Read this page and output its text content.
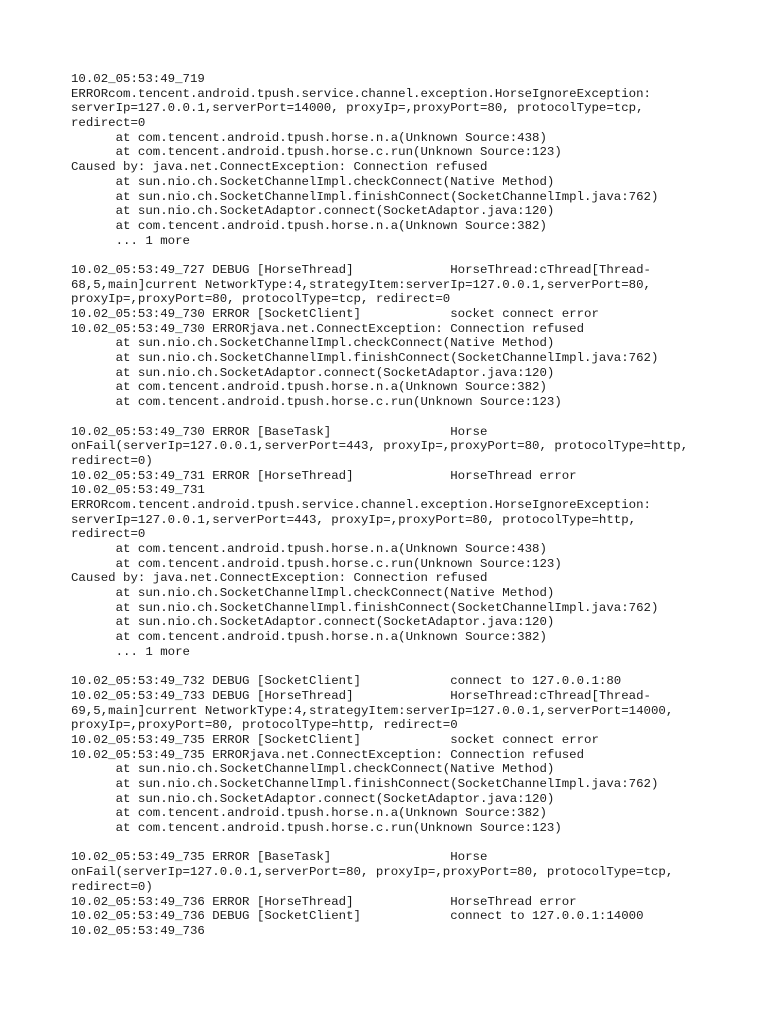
10.02_05:53:49_719
ERRORcom.tencent.android.tpush.service.channel.exception.HorseIgnoreException:
serverIp=127.0.0.1,serverPort=14000, proxyIp=,proxyPort=80, protocolType=tcp,
redirect=0
at com.tencent.android.tpush.horse.n.a(Unknown Source:438)
at com.tencent.android.tpush.horse.c.run(Unknown Source:123)
Caused by: java.net.ConnectException: Connection refused
at sun.nio.ch.SocketChannelImpl.checkConnect(Native Method)
at sun.nio.ch.SocketChannelImpl.finishConnect(SocketChannelImpl.java:762)
at sun.nio.ch.SocketAdaptor.connect(SocketAdaptor.java:120)
at com.tencent.android.tpush.horse.n.a(Unknown Source:382)
... 1 more
10.02_05:53:49_727 DEBUG [HorseThread]             HorseThread:cThread[Thread-
68,5,main]current NetworkType:4,strategyItem:serverIp=127.0.0.1,serverPort=80,
proxyIp=,proxyPort=80, protocolType=tcp, redirect=0
10.02_05:53:49_730 ERROR [SocketClient]            socket connect error
10.02_05:53:49_730 ERRORjava.net.ConnectException: Connection refused
at sun.nio.ch.SocketChannelImpl.checkConnect(Native Method)
at sun.nio.ch.SocketChannelImpl.finishConnect(SocketChannelImpl.java:762)
at sun.nio.ch.SocketAdaptor.connect(SocketAdaptor.java:120)
at com.tencent.android.tpush.horse.n.a(Unknown Source:382)
at com.tencent.android.tpush.horse.c.run(Unknown Source:123)
10.02_05:53:49_730 ERROR [BaseTask]                Horse
onFail(serverIp=127.0.0.1,serverPort=443, proxyIp=,proxyPort=80, protocolType=http,
redirect=0)
10.02_05:53:49_731 ERROR [HorseThread]             HorseThread error
10.02_05:53:49_731
ERRORcom.tencent.android.tpush.service.channel.exception.HorseIgnoreException:
serverIp=127.0.0.1,serverPort=443, proxyIp=,proxyPort=80, protocolType=http,
redirect=0
at com.tencent.android.tpush.horse.n.a(Unknown Source:438)
at com.tencent.android.tpush.horse.c.run(Unknown Source:123)
Caused by: java.net.ConnectException: Connection refused
at sun.nio.ch.SocketChannelImpl.checkConnect(Native Method)
at sun.nio.ch.SocketChannelImpl.finishConnect(SocketChannelImpl.java:762)
at sun.nio.ch.SocketAdaptor.connect(SocketAdaptor.java:120)
at com.tencent.android.tpush.horse.n.a(Unknown Source:382)
... 1 more
10.02_05:53:49_732 DEBUG [SocketClient]            connect to 127.0.0.1:80
10.02_05:53:49_733 DEBUG [HorseThread]             HorseThread:cThread[Thread-
69,5,main]current NetworkType:4,strategyItem:serverIp=127.0.0.1,serverPort=14000,
proxyIp=,proxyPort=80, protocolType=http, redirect=0
10.02_05:53:49_735 ERROR [SocketClient]            socket connect error
10.02_05:53:49_735 ERRORjava.net.ConnectException: Connection refused
at sun.nio.ch.SocketChannelImpl.checkConnect(Native Method)
at sun.nio.ch.SocketChannelImpl.finishConnect(SocketChannelImpl.java:762)
at sun.nio.ch.SocketAdaptor.connect(SocketAdaptor.java:120)
at com.tencent.android.tpush.horse.n.a(Unknown Source:382)
at com.tencent.android.tpush.horse.c.run(Unknown Source:123)
10.02_05:53:49_735 ERROR [BaseTask]                Horse
onFail(serverIp=127.0.0.1,serverPort=80, proxyIp=,proxyPort=80, protocolType=tcp,
redirect=0)
10.02_05:53:49_736 ERROR [HorseThread]             HorseThread error
10.02_05:53:49_736 DEBUG [SocketClient]            connect to 127.0.0.1:14000
10.02_05:53:49_736
